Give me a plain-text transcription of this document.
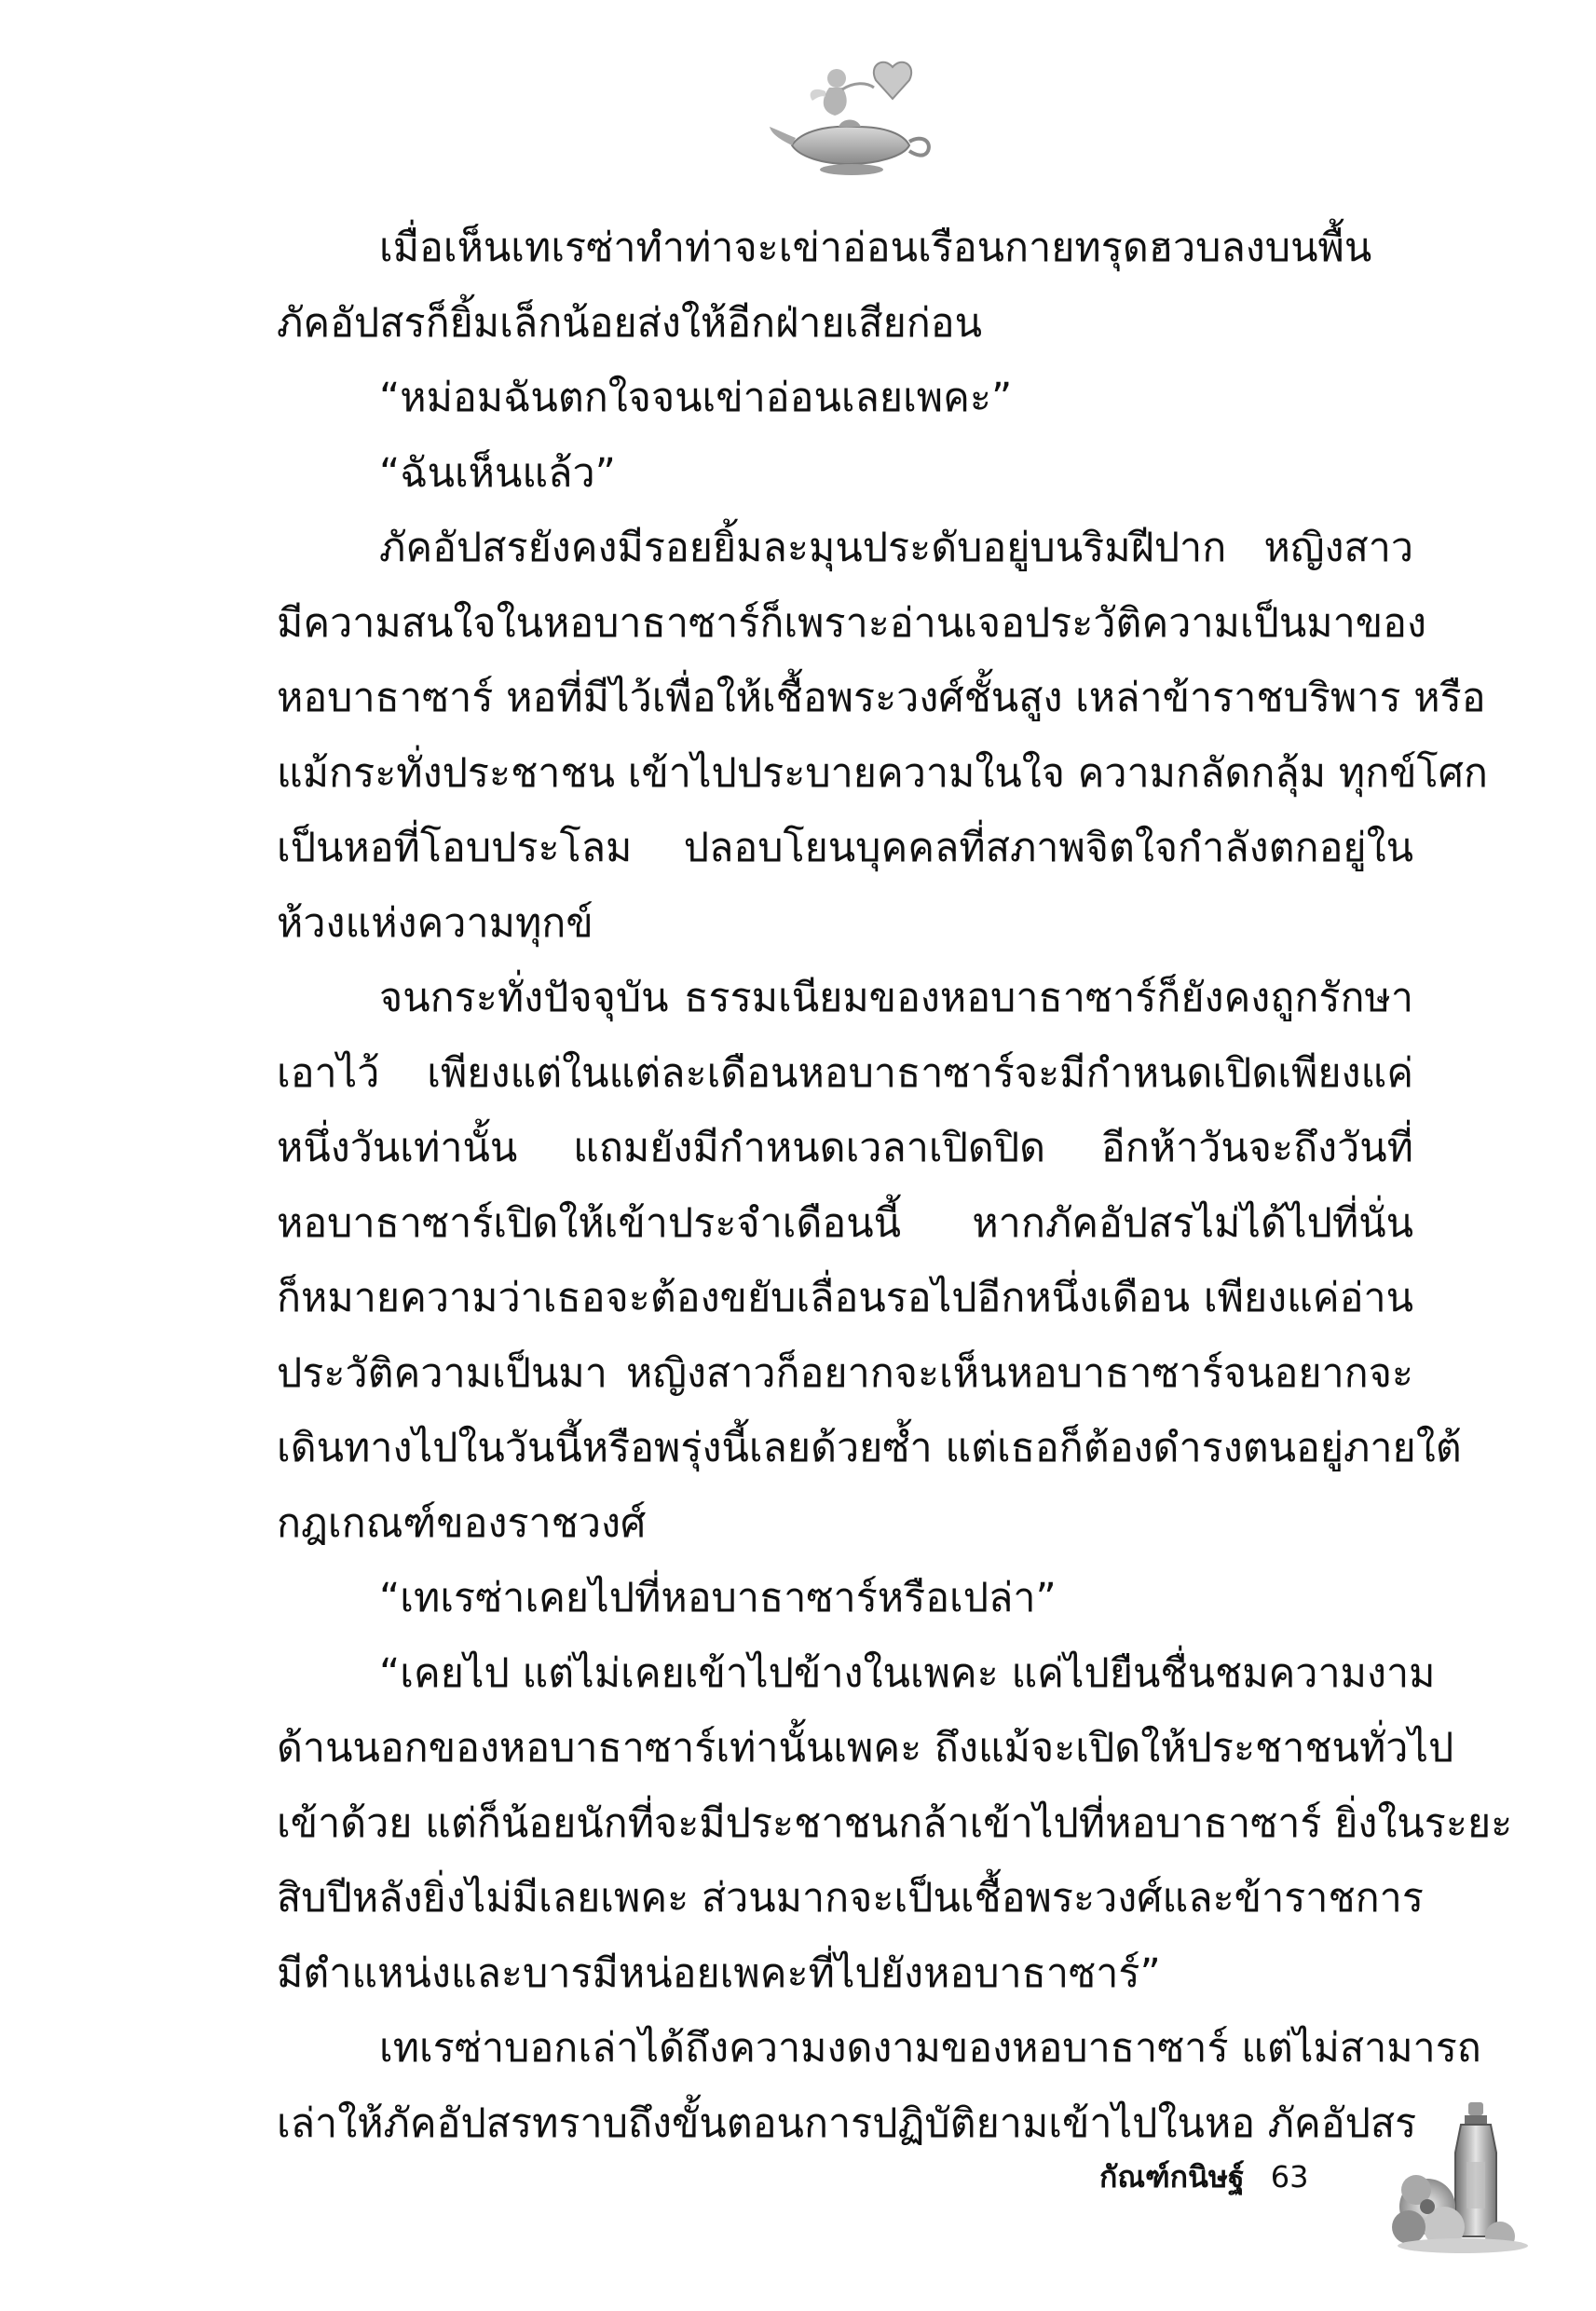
เมื่อเห็นเทเรซ่าทำท่าจะเข่าอ่อนเรือนกายทรุดฮวบลงบนพื้น
ภัคอัปสรก็ยิ้มเล็กน้อยส่งให้อีกฝ่ายเสียก่อน
“หม่อมฉันตกใจจนเข่าอ่อนเลยเพคะ”
“ฉันเห็นแล้ว”
ภัคอัปสรยังคงมีรอยยิ้มละมุนประดับอยู่บนริมฝีปาก หญิงสาว
มีความสนใจในหอบาธาซาร์ก็เพราะอ่านเจอประวัติความเป็นมาของ
หอบาธาซาร์ หอที่มีไว้เพื่อให้เชื้อพระวงศ์ชั้นสูง เหล่าข้าราชบริพาร หรือ
แม้กระทั่งประชาชน เข้าไปประบายความในใจ ความกลัดกลุ้ม ทุกข์โศก
เป็นหอที่โอบประโลม ปลอบโยนบุคคลที่สภาพจิตใจกำลังตกอยู่ใน
ห้วงแห่งความทุกข์
จนกระทั่งปัจจุบัน ธรรมเนียมของหอบาธาซาร์ก็ยังคงถูกรักษา
เอาไว้ เพียงแต่ในแต่ละเดือนหอบาธาซาร์จะมีกำหนดเปิดเพียงแค่
หนึ่งวันเท่านั้น แถมยังมีกำหนดเวลาเปิดปิด อีกห้าวันจะถึงวันที่
หอบาธาซาร์เปิดให้เข้าประจำเดือนนี้ หากภัคอัปสรไม่ได้ไปที่นั่น
ก็หมายความว่าเธอจะต้องขยับเลื่อนรอไปอีกหนึ่งเดือน เพียงแค่อ่าน
ประวัติความเป็นมา หญิงสาวก็อยากจะเห็นหอบาธาซาร์จนอยากจะ
เดินทางไปในวันนี้หรือพรุ่งนี้เลยด้วยซ้ำ แต่เธอก็ต้องดำรงตนอยู่ภายใต้
กฎเกณฑ์ของราชวงศ์
“เทเรซ่าเคยไปที่หอบาธาซาร์หรือเปล่า”
“เคยไป แต่ไม่เคยเข้าไปข้างในเพคะ แค่ไปยืนชื่นชมความงาม
ด้านนอกของหอบาธาซาร์เท่านั้นเพคะ ถึงแม้จะเปิดให้ประชาชนทั่วไป
เข้าด้วย แต่ก็น้อยนักที่จะมีประชาชนกล้าเข้าไปที่หอบาธาซาร์ ยิ่งในระยะ
สิบปีหลังยิ่งไม่มีเลยเพคะ ส่วนมากจะเป็นเชื้อพระวงศ์และข้าราชการ
มีตำแหน่งและบารมีหน่อยเพคะที่ไปยังหอบาธาซาร์”
เทเรซ่าบอกเล่าได้ถึงความงดงามของหอบาธาซาร์ แต่ไม่สามารถ
เล่าให้ภัคอัปสรทราบถึงขั้นตอนการปฏิบัติยามเข้าไปในหอ ภัคอัปสร
กัณฑ์กนิษฐ์ 63
